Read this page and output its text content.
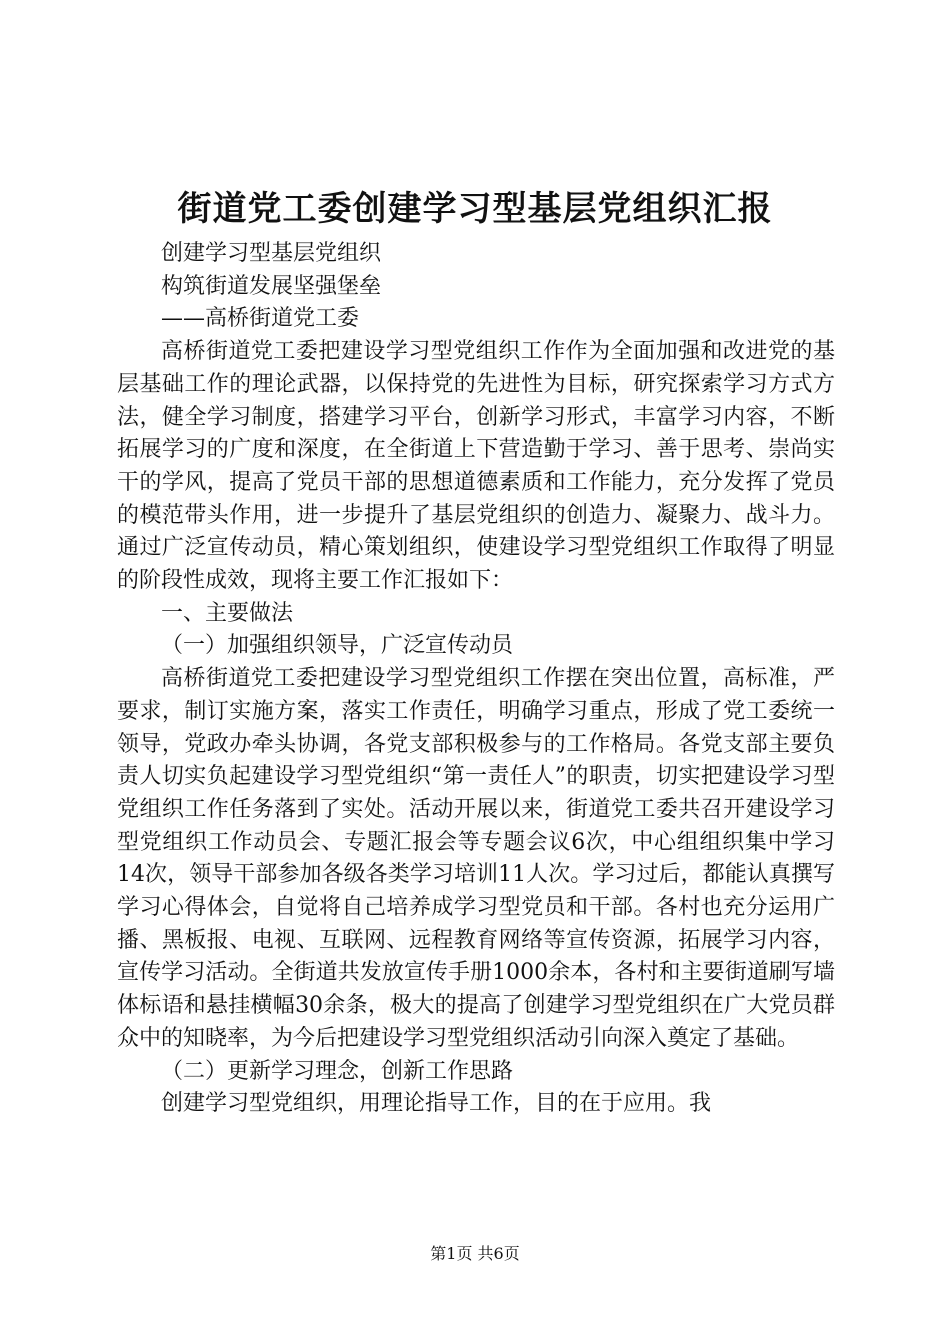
街道党工委创建学习型基层党组织汇报

创建学习型基层党组织

构筑街道发展坚强堡垒

——高桥街道党工委

高桥街道党工委把建设学习型党组织工作作为全面加强和改进党的基层基础工作的理论武器，以保持党的先进性为目标，研究探索学习方式方法，健全学习制度，搭建学习平台，创新学习形式，丰富学习内容，不断拓展学习的广度和深度，在全街道上下营造勤于学习、善于思考、崇尚实干的学风，提高了党员干部的思想道德素质和工作能力，充分发挥了党员的模范带头作用，进一步提升了基层党组织的创造力、凝聚力、战斗力。通过广泛宣传动员，精心策划组织，使建设学习型党组织工作取得了明显的阶段性成效，现将主要工作汇报如下：

一、主要做法

（一）加强组织领导，广泛宣传动员

高桥街道党工委把建设学习型党组织工作摆在突出位置，高标准，严要求，制订实施方案，落实工作责任，明确学习重点，形成了党工委统一领导，党政办牵头协调，各党支部积极参与的工作格局。各党支部主要负责人切实负起建设学习型党组织“第一责任人”的职责，切实把建设学习型党组织工作任务落到了实处。活动开展以来，街道党工委共召开建设学习型党组织工作动员会、专题汇报会等专题会议6次，中心组组织集中学习14次，领导干部参加各级各类学习培训11人次。学习过后，都能认真撰写学习心得体会，自觉将自己培养成学习型党员和干部。各村也充分运用广播、黑板报、电视、互联网、远程教育网络等宣传资源，拓展学习内容，宣传学习活动。全街道共发放宣传手册1000余本，各村和主要街道刷写墙体标语和悬挂横幅30余条，极大的提高了创建学习型党组织在广大党员群众中的知晓率，为今后把建设学习型党组织活动引向深入奠定了基础。

（二）更新学习理念，创新工作思路

创建学习型党组织，用理论指导工作，目的在于应用。我

第1页 共6页
